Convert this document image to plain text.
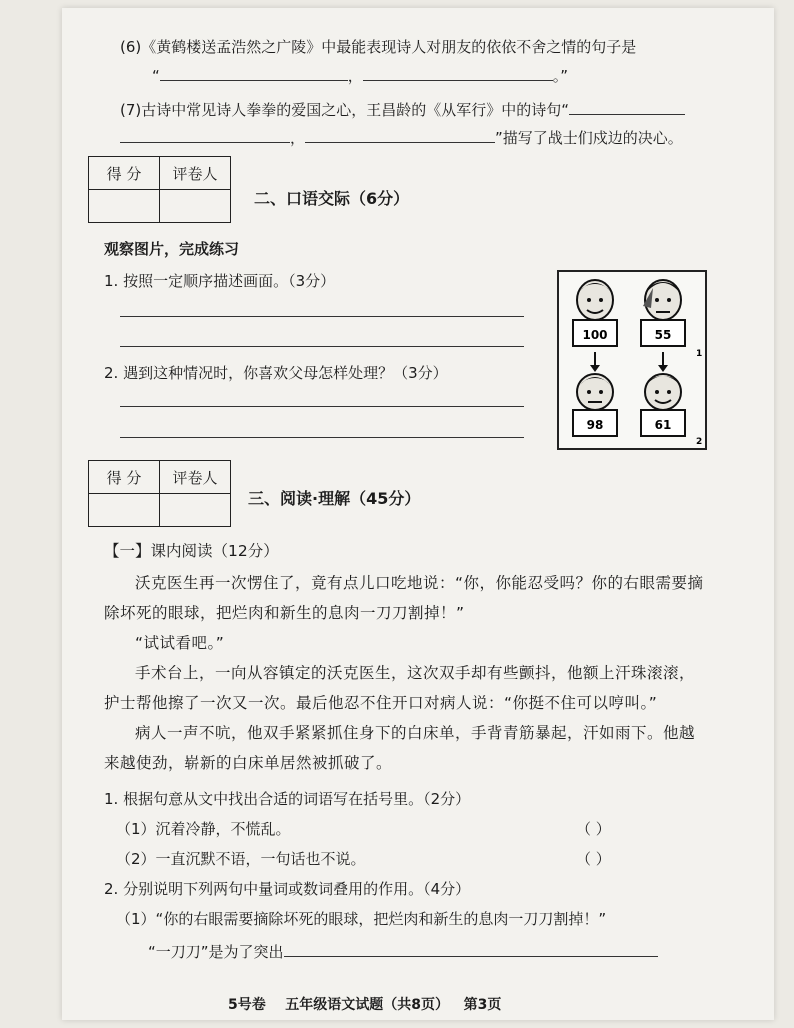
(6)《黄鹤楼送孟浩然之广陵》中最能表现诗人对朋友的依依不舍之情的句子是
“	，	。”
(7)古诗中常见诗人拳拳的爱国之心，王昌龄的《从军行》中的诗句“
，	”描写了战士们戍边的决心。
得 分	评卷人

二、口语交际（6分）
观察图片，完成练习
1. 按照一定顺序描述画面。（3分）
2. 遇到这种情况时，你喜欢父母怎样处理？（3分）
100	55
1
98	61
2
得 分	评卷人

三、阅读·理解（45分）
【一】课内阅读（12分）
沃克医生再一次愣住了，竟有点儿口吃地说：“你，你能忍受吗？你的右眼需要摘除坏死的眼球，把烂肉和新生的息肉一刀刀割掉！”
“试试看吧。”
手术台上，一向从容镇定的沃克医生，这次双手却有些颤抖，他额上汗珠滚滚，护士帮他擦了一次又一次。最后他忍不住开口对病人说：“你挺不住可以哼叫。”
病人一声不吭，他双手紧紧抓住身下的白床单，手背青筋暴起，汗如雨下。他越来越使劲，崭新的白床单居然被抓破了。
1. 根据句意从文中找出合适的词语写在括号里。（2分）
（1）沉着冷静，不慌乱。	（ ）
（2）一直沉默不语，一句话也不说。	（ ）
2. 分别说明下列两句中量词或数词叠用的作用。（4分）
（1）“你的右眼需要摘除坏死的眼球，把烂肉和新生的息肉一刀刀割掉！”
“一刀刀”是为了突出
5号卷 五年级语文试题（共8页） 第3页
